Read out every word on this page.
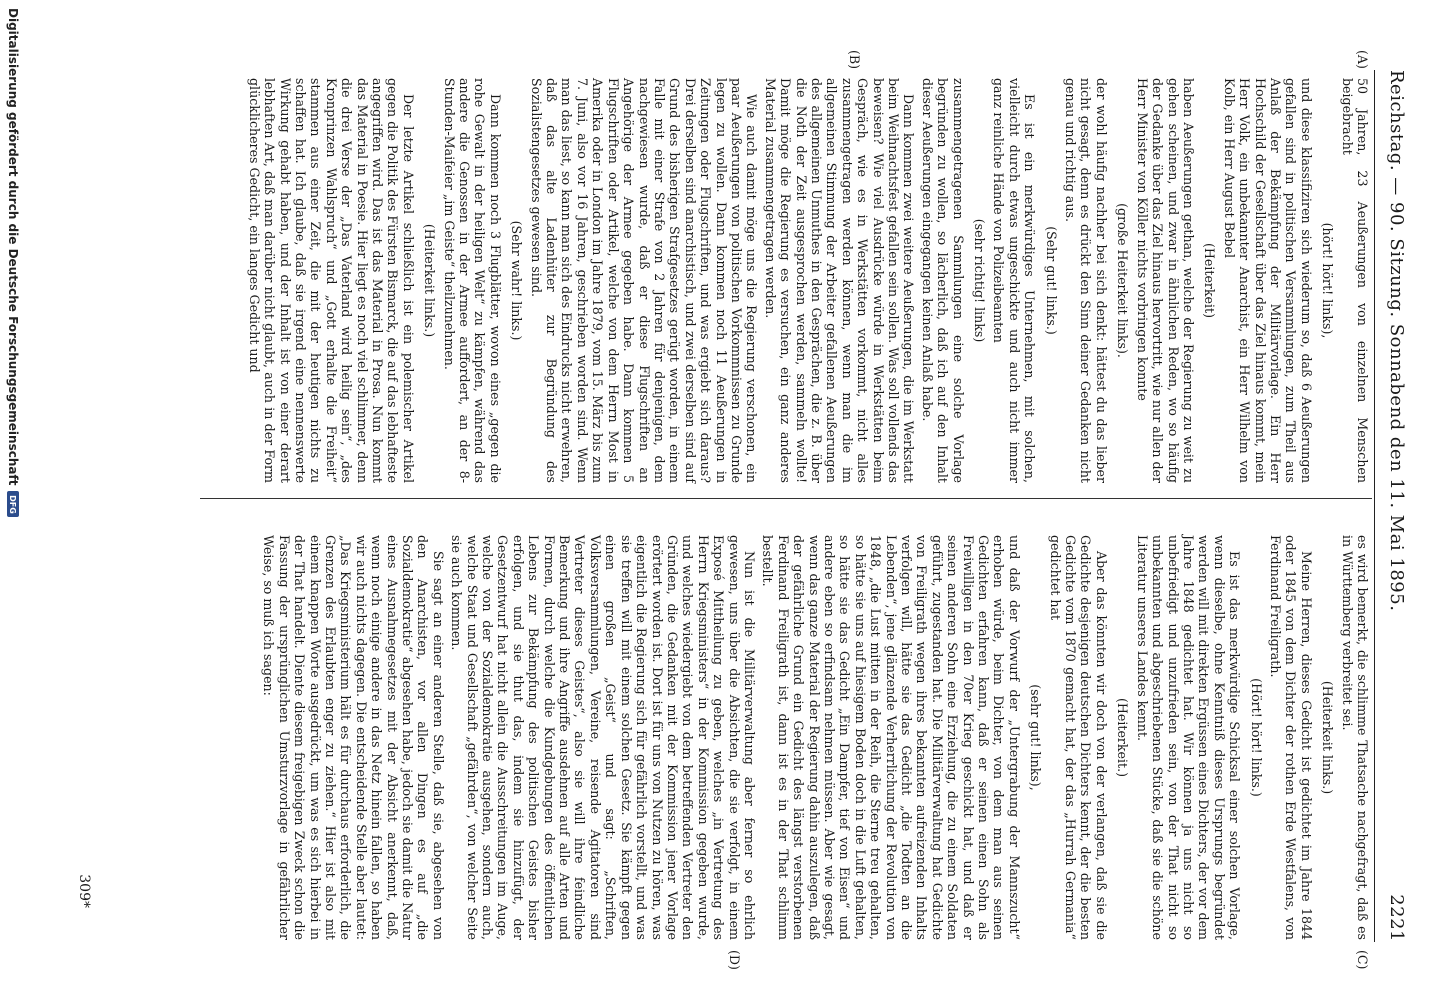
Reichstag. — 90. Sitzung. Sonnabend den 11. Mai 1895.
2221
(A)
(B)
(C)
(D)

50 Jahren, 23 Aeußerungen von einzelnen Menschen beigebracht

(hört! hört! links),

und diese klassifiziren sich wiederum so, daß 6 Aeußerungen gefallen sind in politischen Versammlungen, zum Theil aus Anlaß der Bekämpfung der Militärvorlage. Ein Herr Hochschild der Gesellschaft über das Ziel hinaus kommt, mein Herr Volk, ein unbekannter Anarchist, ein Herr Wilhelm von Kolb, ein Herr August Bebel

(Heiterkeit)

haben Aeußerungen gethan, welche der Regierung zu weit zu gehen scheinen, und zwar in ähnlichen Reden, wo so häufig der Gedanke über das Ziel hinaus hervortritt, wie nur allen der Herr Minister von Köller nichts vorbringen konnte

(große Heiterkeit links).

der wohl häufig nachher bei sich denkt: hättest du das lieber nicht gesagt, denn es drückt den Sinn deiner Gedanken nicht genau und richtig aus.

(Sehr gut! links.)

Es ist ein merkwürdiges Unternehmen, mit solchen, vielleicht durch etwas ungeschickte und auch nicht immer ganz reinliche Hände von Polizeibeamten

(sehr richtig! links)

zusammengetragenen Sammlungen eine solche Vorlage begründen zu wollen, so lächerlich, daß ich auf den Inhalt dieser Aeußerungen eingegangen keinen Anlaß habe.

Dann kommen zwei weitere Aeußerungen, die im Werkstatt beim Weihnachtsfest gefallen sein sollen. Was soll vollends das beweisen? Wie viel Ausdrücke würde in Werkstätten beim Gespräch, wie es in Werkstätten vorkommt, nicht alles zusammengetragen werden können, wenn man die im allgemeinen Stimmung der Arbeiter gefallenen Aeußerungen des allgemeinen Unmuthes in den Gesprächen, die z. B. über die Noth der Zeit ausgesprochen werden, sammeln wollte! Damit möge die Regierung es versuchen, ein ganz anderes Material zusammengetragen werden.

Wie auch damit möge uns die Regierung verschonen, ein paar Aeußerungen von politischen Vorkommnissen zu Grunde legen zu wollen. Dann kommen noch 11 Aeußerungen in Zeitungen oder Flugschriften, und was ergiebt sich daraus? Drei derselben sind anarchistisch, und zwei derselben sind auf Grund des bisherigen Strafgesetzes gerügt worden, in einem Falle mit einer Strafe von 2 Jahren für denjenigen, dem nachgewiesen wurde, daß er diese Flugschriften an Angehörige der Armee gegeben habe. Dann kommen 5 Flugschriften oder Artikel, welche von dem Herrn Most in Amerika oder in London im Jahre 1879, vom 15. März bis zum 7. Juni, also vor 16 Jahren, geschrieben worden sind. Wenn man das liest, so kann man sich des Eindrucks nicht erwehren, daß das alte Ladenhüter zur Begründung des Sozialistengesetzes gewesen sind.

(Sehr wahr! links.)

Dann kommen noch 3 Flugblätter, wovon eines „gegen die rohe Gewalt in der heiligen Welt“ zu kämpfen, während das andere die Genossen in der Armee auffordert, an der 8-Stunden-Maifeier „im Geiste“ theilzunehmen.

(Heiterkeit links.)

Der letzte Artikel schließlich ist ein polemischer Artikel gegen die Politik des Fürsten Bismarck, die auf das lebhafteste angegriffen wird. Das ist das Material in Prosa. Nun kommt das Material in Poesie. Hier liegt es noch viel schlimmer, denn die drei Verse der „Das Vaterland wird heilig sein“, „des Kronprinzen Wahlspruch“ und „Gott erhalte die Freiheit“ stammen aus einer Zeit, die mit der heutigen nichts zu schaffen hat. Ich glaube, daß sie irgend eine nennenswerte Wirkung gehabt haben, und der Inhalt ist von einer derart lebhaften Art, daß man darüber nicht glaubt, auch in der Form glücklicheres Gedicht, ein langes Gedicht und

es wird bemerkt, die schlimme Thatsache nachgefragt, daß es in Württemberg verbreitet sei.

(Heiterkeit links.)

Meine Herren, dieses Gedicht ist gedichtet im Jahre 1844 oder 1845 von dem Dichter der rothen Erde Westfalens, von Ferdinand Freiligrath.

(Hört! hört! links.)

Es ist das merkwürdige Schicksal einer solchen Vorlage, wenn dieselbe, ohne Kenntniß dieses Ursprungs begründet werden will mit direkten Ergüssen eines Dichters, der vor dem Jahre 1848 gedichtet hat. Wir können ja uns nicht so unbefriedigt und unzufrieden sein, von der That nicht so unbekannten und abgeschriebenen Stücke, daß sie die schöne Literatur unseres Landes kennt.

(Heiterkeit.)

Aber das könnten wir doch von der verlangen, daß sie die Gedichte desjenigen deutschen Dichters kennt, der die besten Gedichte vom 1870 gemacht hat, der das „Hurrah Germania“ gedichtet hat

(sehr gut! links),

und daß der Vorwurf der „Untergrabung der Mannszucht“ erhoben würde, beim Dichter, von dem man aus seinen Gedichten erfahren kann, daß er seinen einen Sohn als Freiwilligen in den 70er Krieg geschickt hat, und daß er seinen anderen Sohn eine Erziehung, die zu einem Soldaten geführt, zugestanden hat. Die Militärverwaltung hat Gedichte von Freiligrath wegen ihres bekannten aufreizenden Inhalts verfolgen will, hätte sie das Gedicht „die Todten an die Lebenden“, jene glänzende Verherrlichung der Revolution von 1848, „die Lust mitten in der Reih, die Sterne treu gehalten, so hätte sie uns auf hiesigem Boden doch in die Luft gehalten, so hätte sie das Gedicht „Ein Dampfer, tief von Eisen“ und andere eben so erfindsam nehmen müssen. Aber wie gesagt, wenn das ganze Material der Regierung dahin auszulegen, daß der gefährliche Grund ein Gedicht des längst verstorbenen Ferdinand Freiligrath ist, dann ist es in der That schlimm bestellt.

Nun ist die Militärverwaltung aber ferner so ehrlich gewesen, uns über die Absichten, die sie verfolgt, in einem Exposé Mittheilung zu geben, welches „in Vertretung des Herrn Kriegsministers“ in der Kommission gegeben wurde, und welches wiedergiebt von dem betreffenden Vertreter den Gründen, die Gedanken mit der Kommission jener Vorlage erörtert worden ist. Dort ist für uns von Nutzen zu hören, was eigentlich die Regierung sich für gefährlich vorstellt, und was sie treffen will mit einem solchen Gesetz. Sie kämpft gegen einen großen „Geist“ und sagt: „Schriften, Volksversammlungen, Vereine, reisende Agitatoren sind Vertreter dieses Geistes“, also sie will ihre feindliche Bemerkung und ihre Angriffe ausdehnen auf alle Arten und Formen, durch welche die Kundgebungen des öffentlichen Lebens zur Bekämpfung des politischen Geistes bisher erfolgen, und sie thut das, indem sie hinzufügt, der Gesetzentwurf hat nicht allein die Ausschreitungen im Auge, welche von der Sozialdemokratie ausgehen, sondern auch, welche Staat und Gesellschaft „gefährden“, von welcher Seite sie auch kommen.

Sie sagt an einer anderen Stelle, daß sie, abgesehen von den Anarchisten, vor allen Dingen es auf „die Sozialdemokratie“ abgesehen habe, jedoch sie damit die Natur eines Ausnahmegesetzes mit der Absicht anerkennt, daß, wenn noch einige andere in das Netz hinein fallen, so haben wir auch nichts dagegen. Die entscheidende Stelle aber lautet: „Das Kriegsministerium hält es für durchaus erforderlich, die Grenzen des Erlaubten enger zu ziehen.“ Hier ist also mit einem knappen Worte ausgedrückt, um was es sich hierbei in der That handelt. Diente diesem freigebigen Zweck schon die Fassung der ursprünglichen Umsturzvorlage in gefährlicher Weise, so muß ich sagen:

309*
Digitalisierung gefördert durch die Deutsche Forschungsgemeinschaft
DFG
